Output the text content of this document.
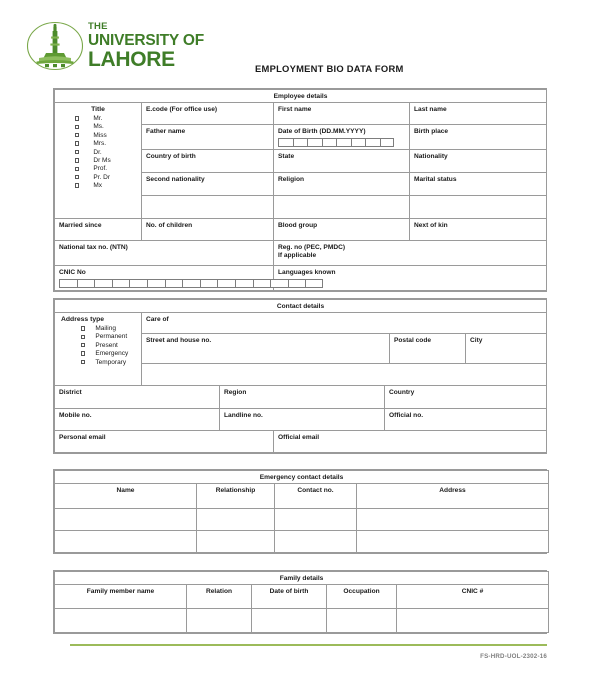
THE
UNIVERSITY OF
LAHORE	EMPLOYMENT BIO DATA FORM
Employee details			

Title
Mr.
Ms.
Miss
Mrs.
Dr.
Dr Ms
Prof.
Pr. Dr
Mx

E.code (For office use)	First name	Last name

	Father name	Date of Birth (DD.MM.YYYY)	Birth place

	Country of birth	State	Nationality

	Second nationality	Religion	Marital status

Married since	No. of children	Blood group	Next of kin

National tax no. (NTN)		Reg. no (PEC, PMDC)
If applicable	

CNIC No		Languages known	
Contact details			

Address type
Mailing
Permanent
Present
Emergency
Temporary

Care of

	Street and house no.	Postal code	City

District	Region	Country

Mobile no.	Landline no.	Official no.
Personal email	Official email
Emergency contact details			
Name	Relationship	Contact no.	Address

Family details				
Family member name	Relation	Date of birth	Occupation	CNIC #

FS-HRD-UOL-2302-16
